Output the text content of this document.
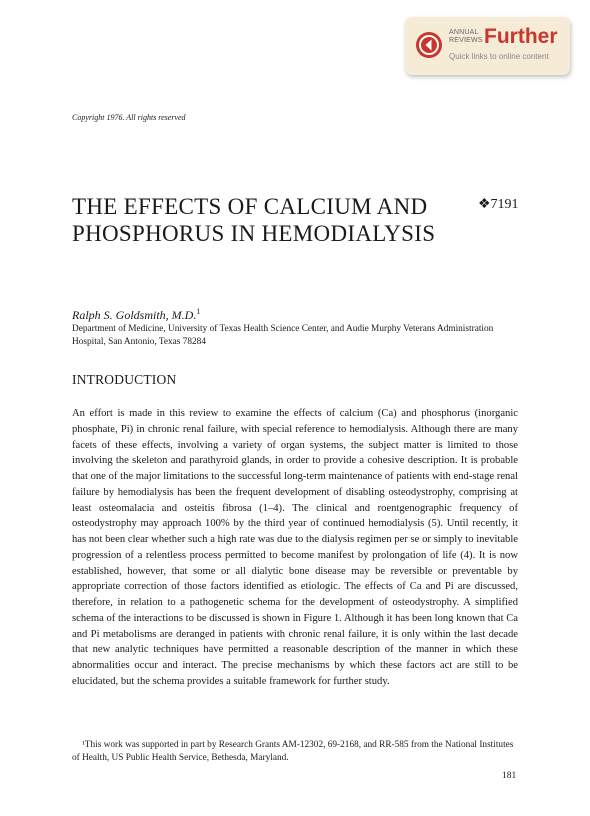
ANNUAL REVIEWS Further
Quick links to online content
Copyright 1976. All rights reserved
THE EFFECTS OF CALCIUM AND PHOSPHORUS IN HEMODIALYSIS
❖7191
Ralph S. Goldsmith, M.D.$^1$
Department of Medicine, University of Texas Health Science Center, and Audie Murphy Veterans Administration Hospital, San Antonio, Texas 78284
INTRODUCTION

An effort is made in this review to examine the effects of calcium (Ca) and phosphorus (inorganic phosphate, Pi) in chronic renal failure, with special reference to hemodialysis. Although there are many facets of these effects, involving a variety of organ systems, the subject matter is limited to those involving the skeleton and parathyroid glands, in order to provide a cohesive description. It is probable that one of the major limitations to the successful long-term maintenance of patients with end-stage renal failure by hemodialysis has been the frequent development of disabling osteodystrophy, comprising at least osteomalacia and osteitis fibrosa (1–4). The clinical and roentgenographic frequency of osteodystrophy may approach 100% by the third year of continued hemodialysis (5). Until recently, it has not been clear whether such a high rate was due to the dialysis regimen per se or simply to inevitable progression of a relentless process permitted to become manifest by prolongation of life (4). It is now established, however, that some or all dialytic bone disease may be reversible or preventable by appropriate correction of those factors identified as etiologic. The effects of Ca and Pi are discussed, therefore, in relation to a pathogenetic schema for the development of osteodystrophy. A simplified schema of the interactions to be discussed is shown in Figure 1. Although it has been long known that Ca and Pi metabolisms are deranged in patients with chronic renal failure, it is only within the last decade that new analytic techniques have permitted a reasonable description of the manner in which these abnormalities occur and interact. The precise mechanisms by which these factors act are still to be elucidated, but the schema provides a suitable framework for further study.

¹This work was supported in part by Research Grants AM-12302, 69-2168, and RR-585 from the National Institutes of Health, US Public Health Service, Bethesda, Maryland.

181
